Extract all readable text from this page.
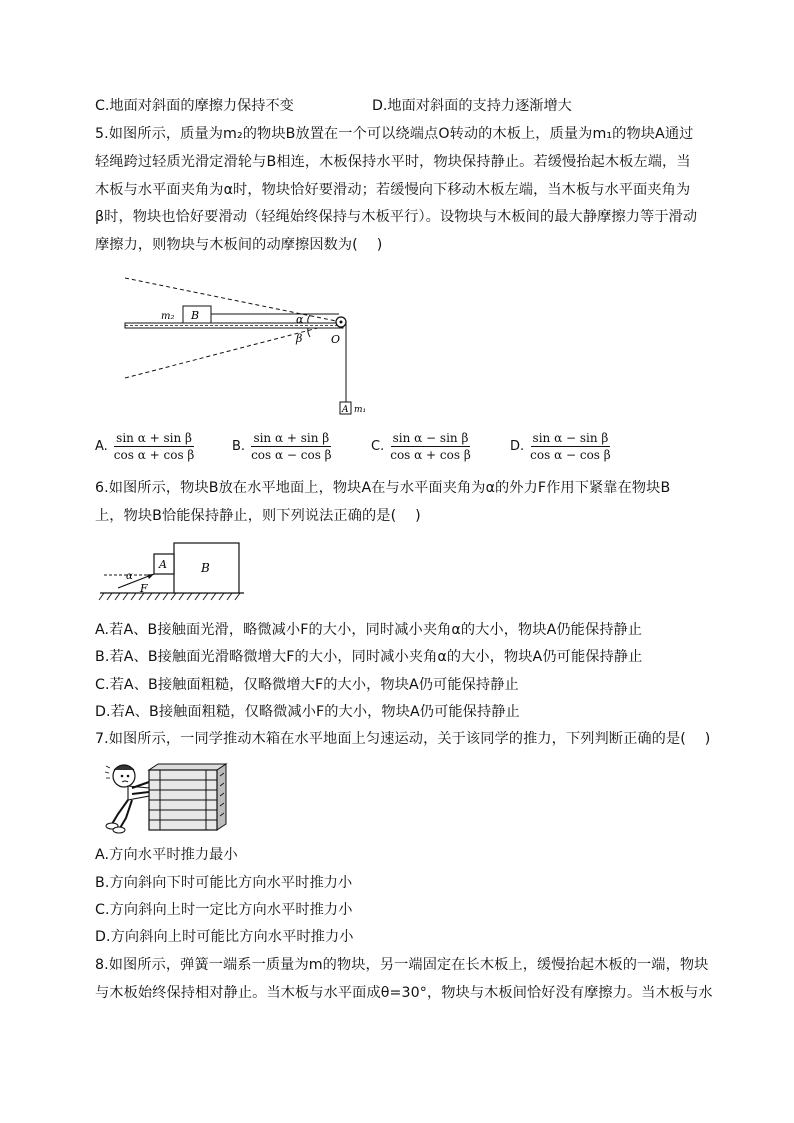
C.地面对斜面的摩擦力保持不变	D.地面对斜面的支持力逐渐增大
5.如图所示，质量为m₂的物块B放置在一个可以绕端点O转动的木板上，质量为m₁的物块A通过
轻绳跨过轻质光滑定滑轮与B相连，木板保持水平时，物块保持静止。若缓慢抬起木板左端，当
木板与水平面夹角为α时，物块恰好要滑动；若缓慢向下移动木板左端，当木板与水平面夹角为
β时，物块也恰好要滑动（轻绳始终保持与木板平行）。设物块与木板间的最大静摩擦力等于滑动
摩擦力，则物块与木板间的动摩擦因数为(　 )
B
m₂	α
β	O
A m₁
A. $\frac{\text{sin α + sin β}}{\text{cos α + cos β}}$	B. $\frac{\text{sin α + sin β}}{\text{cos α − cos β}}$	C. $\frac{\text{sin α − sin β}}{\text{cos α + cos β}}$	D. $\frac{\text{sin α − sin β}}{\text{cos α − cos β}}$
6.如图所示，物块B放在水平地面上，物块A在与水平面夹角为α的外力F作用下紧靠在物块B
上，物块B恰能保持静止，则下列说法正确的是(　 )
B
A
α
F
A.若A、B接触面光滑，略微减小F的大小，同时减小夹角α的大小，物块A仍能保持静止
B.若A、B接触面光滑略微增大F的大小，同时减小夹角α的大小，物块A仍可能保持静止
C.若A、B接触面粗糙，仅略微增大F的大小，物块A仍可能保持静止
D.若A、B接触面粗糙，仅略微减小F的大小，物块A仍可能保持静止
7.如图所示，一同学推动木箱在水平地面上匀速运动，关于该同学的推力，下列判断正确的是(　 )
A.方向水平时推力最小
B.方向斜向下时可能比方向水平时推力小
C.方向斜向上时一定比方向水平时推力小
D.方向斜向上时可能比方向水平时推力小
8.如图所示，弹簧一端系一质量为m的物块，另一端固定在长木板上，缓慢抬起木板的一端，物块
与木板始终保持相对静止。当木板与水平面成θ=30°，物块与木板间恰好没有摩擦力。当木板与水
